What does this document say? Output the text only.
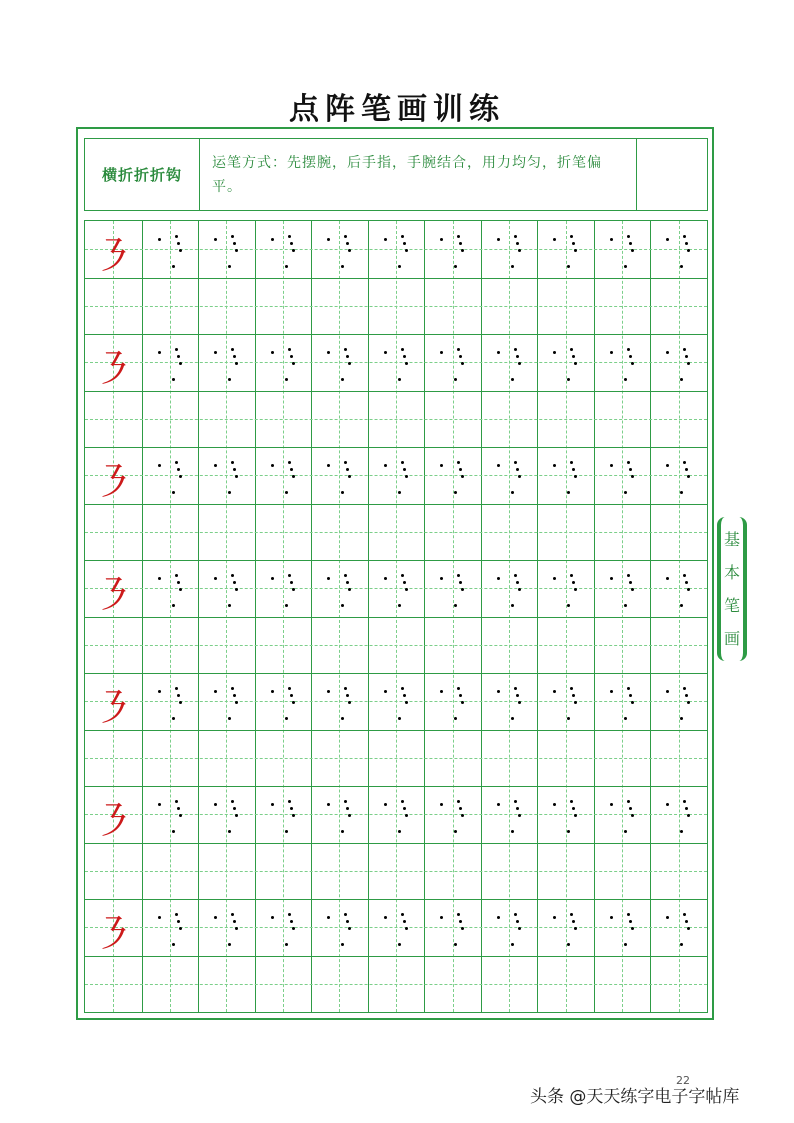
点阵笔画训练
横折折折钩
运笔方式：先摆腕，后手指，手腕结合，用力均匀，折笔偏平。
㇋
㇋
㇋
㇋
㇋
㇋
㇋
基
本
笔
画
22
头条 @天天练字电子字帖库
